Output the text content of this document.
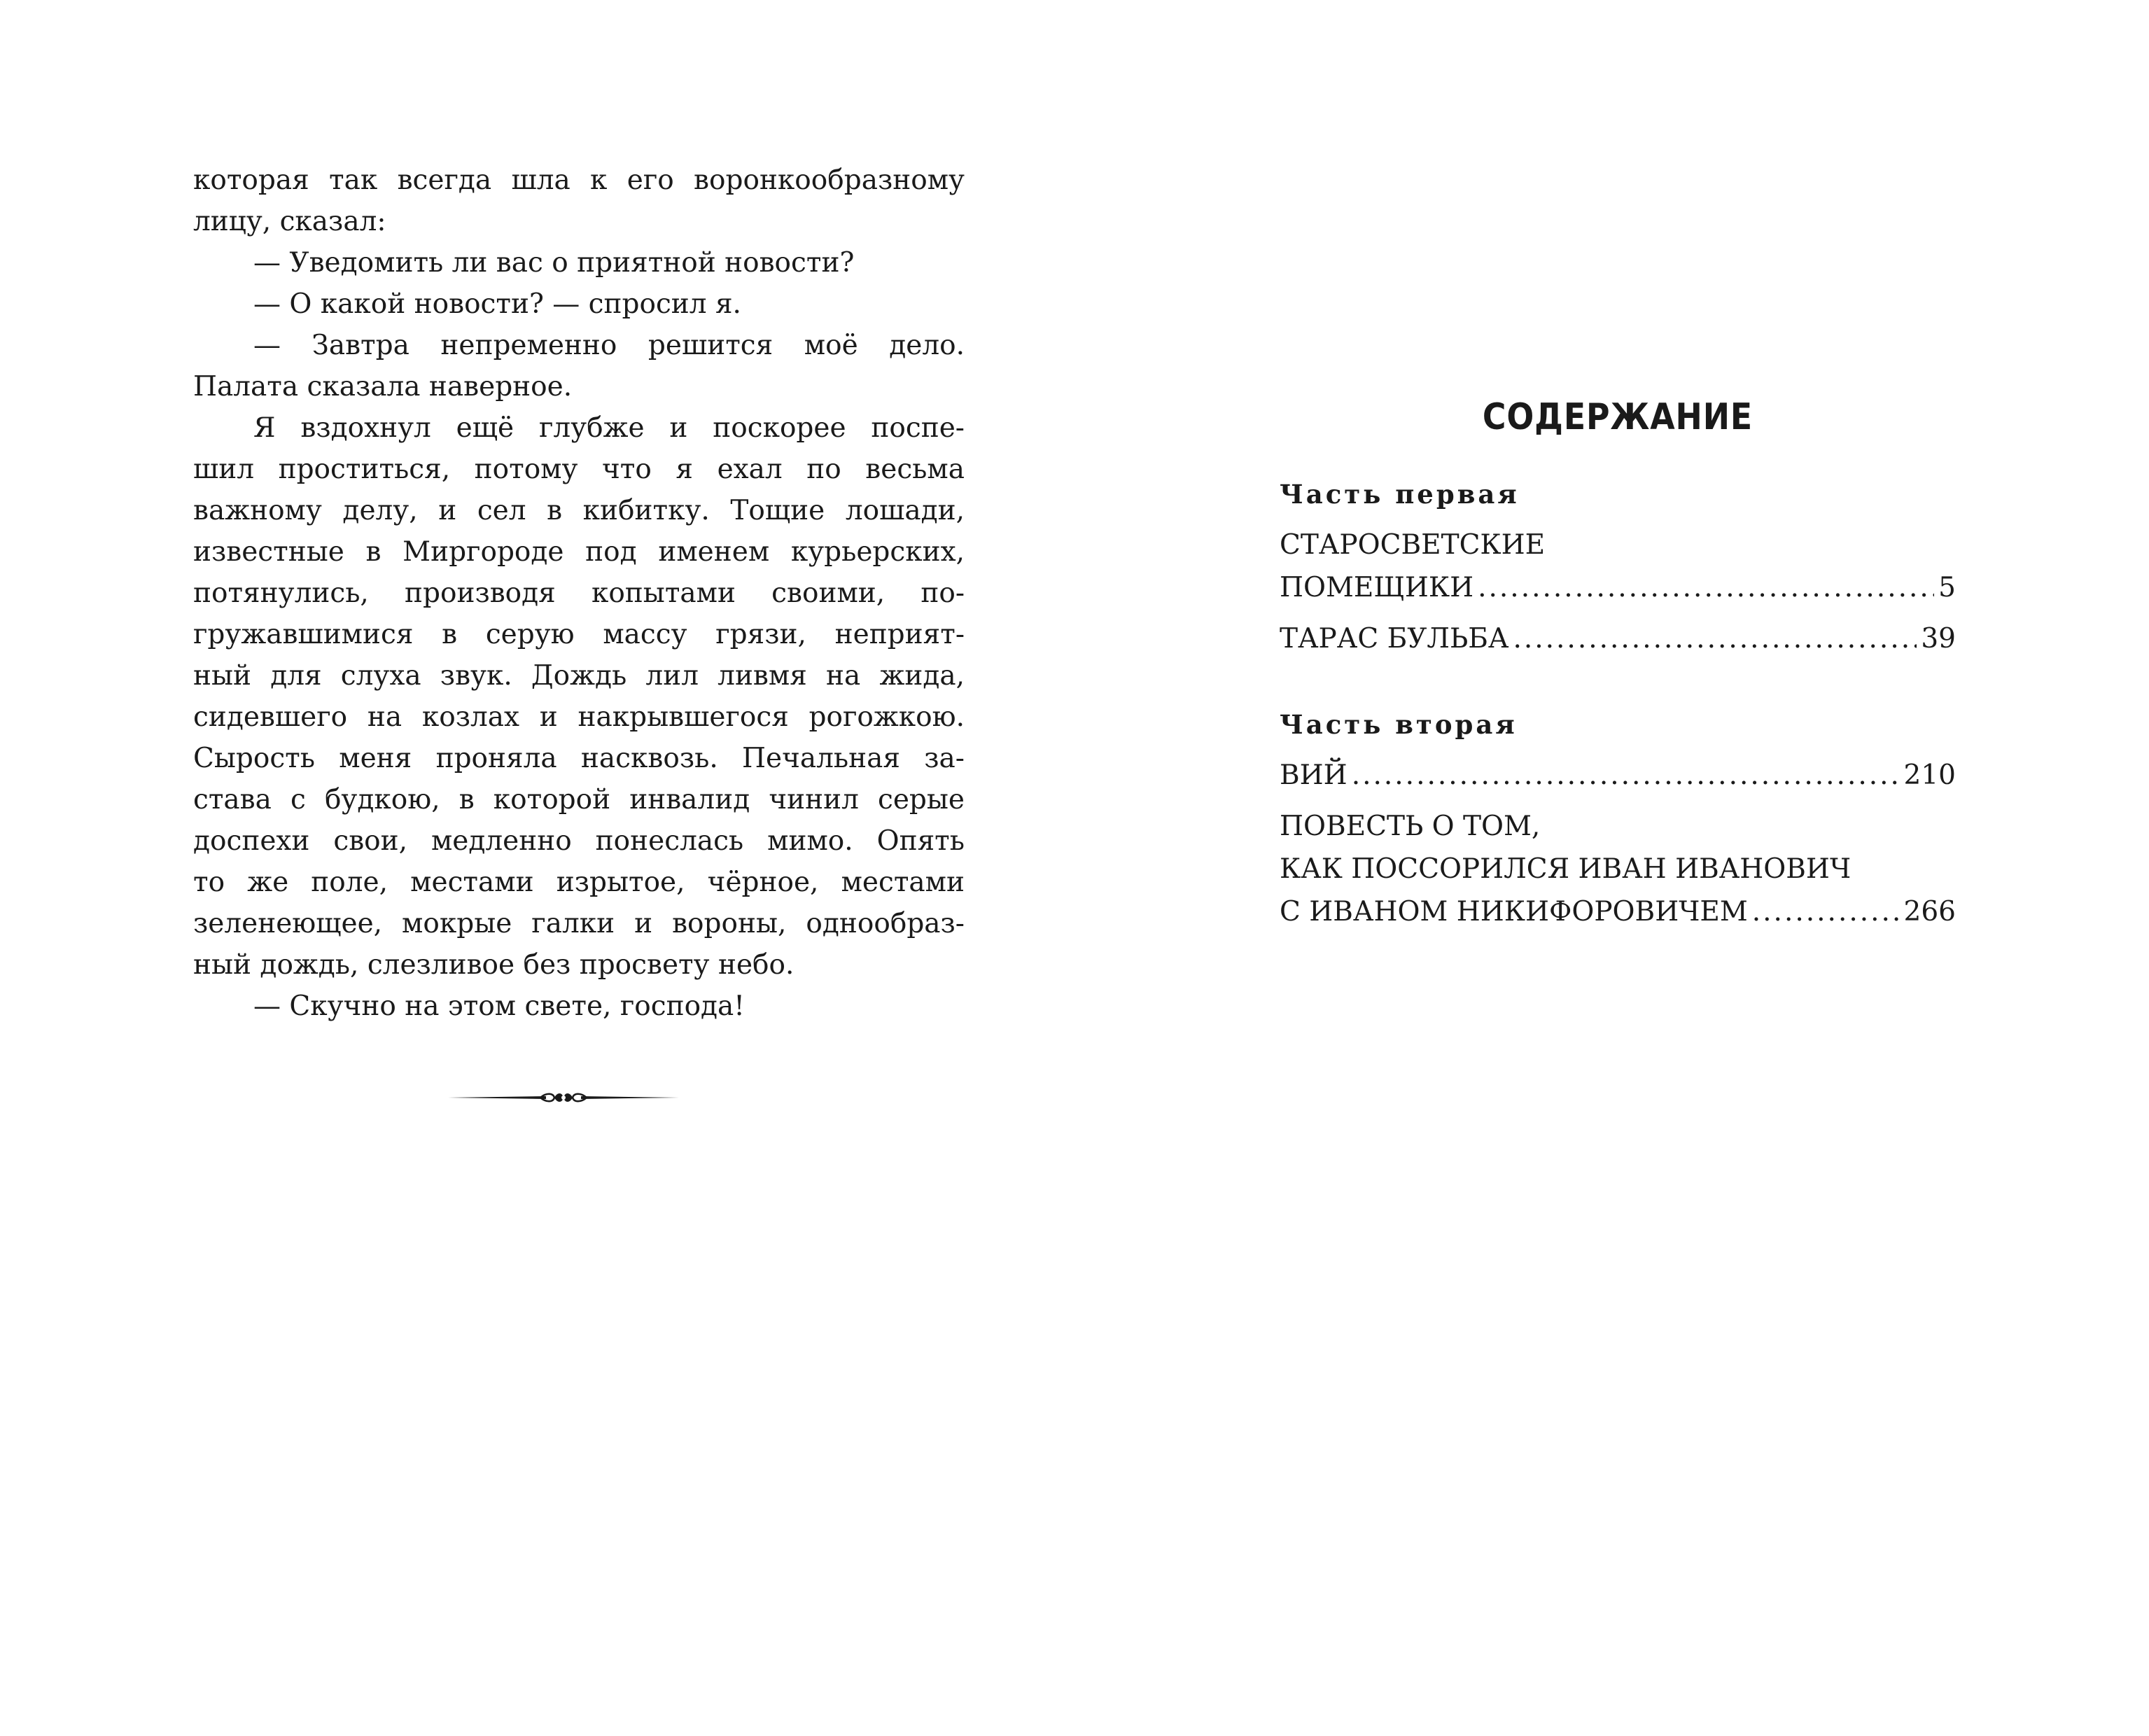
которая так всегда шла к его воронкообразному
лицу, сказал:

— Уведомить ли вас о приятной новости?

— О какой новости? — спросил я.

— Завтра непременно решится моё дело.
Палата сказала наверное.

Я вздохнул ещё глубже и поскорее поспе-
шил проститься, потому что я ехал по весьма
важному делу, и сел в кибитку. Тощие лошади,
известные в Миргороде под именем курьерских,
потянулись, производя копытами своими, по-
гружавшимися в серую массу грязи, неприят-
ный для слуха звук. Дождь лил ливмя на жида,
сидевшего на козлах и накрывшегося рогожкою.
Сырость меня проняла насквозь. Печальная за-
става с будкою, в которой инвалид чинил серые
доспехи свои, медленно понеслась мимо. Опять
то же поле, местами изрытое, чёрное, местами
зеленеющее, мокрые галки и вороны, однообраз-
ный дождь, слезливое без просвету небо.

— Скучно на этом свете, господа!

СОДЕРЖАНИЕ

Часть первая

СТАРОСВЕТСКИЕ
ПОМЕЩИКИ .....	5
ТАРАС БУЛЬБА .....	39

Часть вторая

ВИЙ .....	210
ПОВЕСТЬ О ТОМ,
КАК ПОССОРИЛСЯ ИВАН ИВАНОВИЧ
С ИВАНОМ НИКИФОРОВИЧЕМ .....	266
